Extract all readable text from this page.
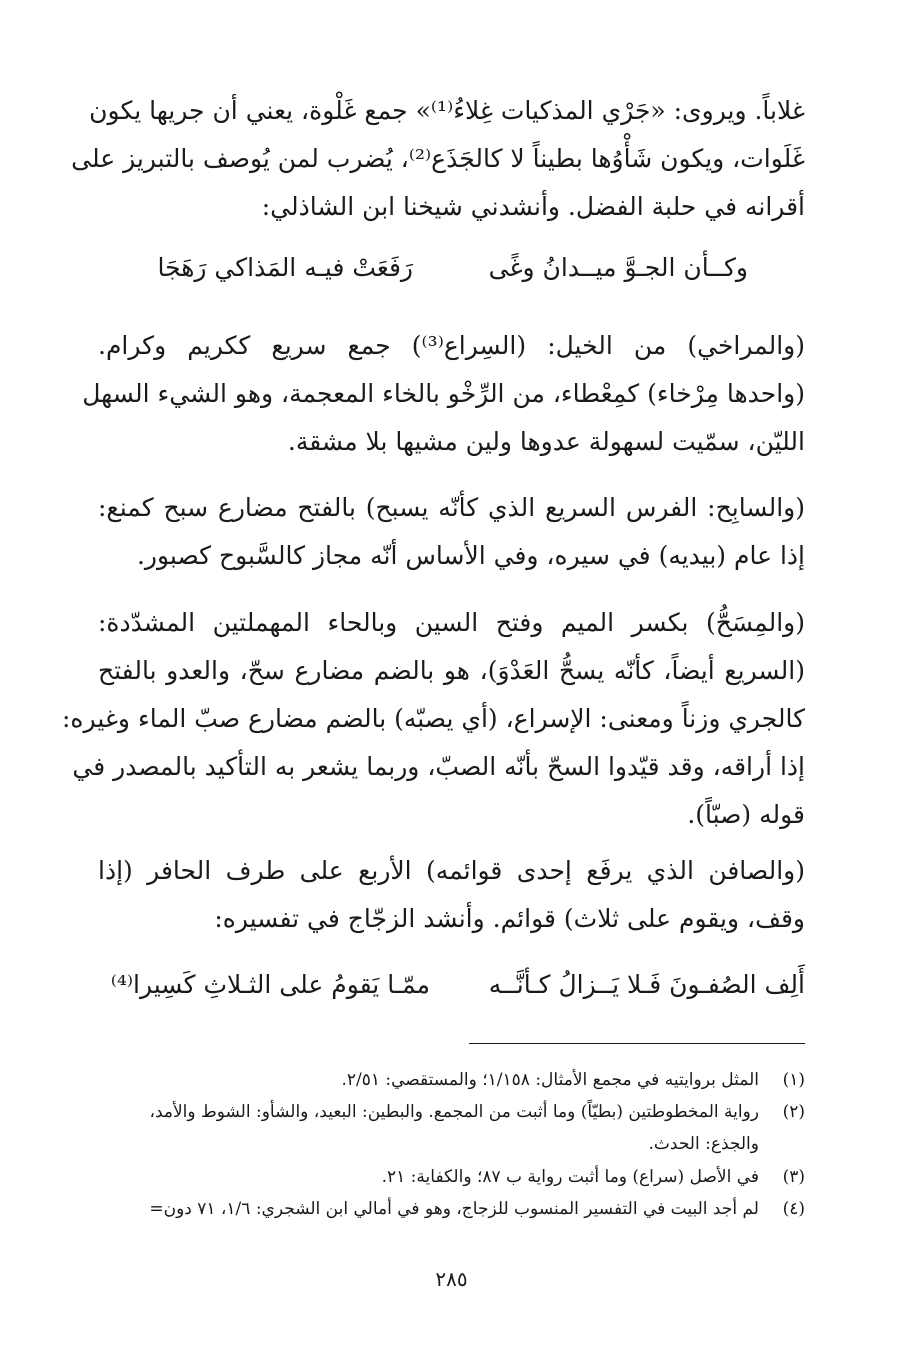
غلاباً. ويروى: «جَرْي المذكيات غِلاءُ⁽¹⁾» جمع غَلْوة، يعني أن جريها يكون

غَلَوات، ويكون شَأْوُها بطيناً لا كالجَذَع⁽²⁾، يُضرب لمن يُوصف بالتبريز على

أقرانه في حلبة الفضل. وأنشدني شيخنا ابن الشاذلي:

وكــأن الجـوَّ ميــدانُ وغًى

رَفَعَتْ فيـه المَذاكي رَهَجَا

(والمراخي) من الخيل: (السِراع⁽³⁾) جمع سريع ككريم وكرام.

(واحدها مِرْخاء) كمِعْطاء، من الرِّخْو بالخاء المعجمة، وهو الشيء السهل

الليّن، سمّيت لسهولة عدوها ولين مشيها بلا مشقة.

(والسابِح: الفرس السريع الذي كأنّه يسبح) بالفتح مضارع سبح كمنع:

إذا عام (بيديه) في سيره، وفي الأساس أنّه مجاز كالسَّبوح كصبور.

(والمِسَحُّ) بكسر الميم وفتح السين وبالحاء المهملتين المشدّدة:

(السريع أيضاً، كأنّه يسحُّ العَدْوَ)، هو بالضم مضارع سحّ، والعدو بالفتح

كالجري وزناً ومعنى: الإسراع، (أي يصبّه) بالضم مضارع صبّ الماء وغيره:

إذا أراقه، وقد قيّدوا السحّ بأنّه الصبّ، وربما يشعر به التأكيد بالمصدر في

قوله (صبّاً).

(والصافن الذي يرفَع إحدى قوائمه) الأربع على طرف الحافر (إذا

وقف، ويقوم على ثلاث) قوائم. وأنشد الزجّاج في تفسيره:

أَلِف الصُفـونَ فَـلا يَــزالُ كـأنَّــه

ممّـا يَقومُ على الثـلاثِ كَسِيرا⁽⁴⁾

(١)
المثل بروايتيه في مجمع الأمثال: ١/١٥٨؛ والمستقصي: ٢/٥١.
(٢)
رواية المخطوطتين (بطيّاً) وما أثبت من المجمع. والبطين: البعيد، والشأو: الشوط والأمد،

والجذع: الحدث.

(٣)
في الأصل (سراع) وما أثبت رواية ب ٨٧؛ والكفاية: ٢١.
(٤)
لم أجد البيت في التفسير المنسوب للزجاج، وهو في أمالي ابن الشجري: ١/٦، ٧١ دون=

٢٨٥
